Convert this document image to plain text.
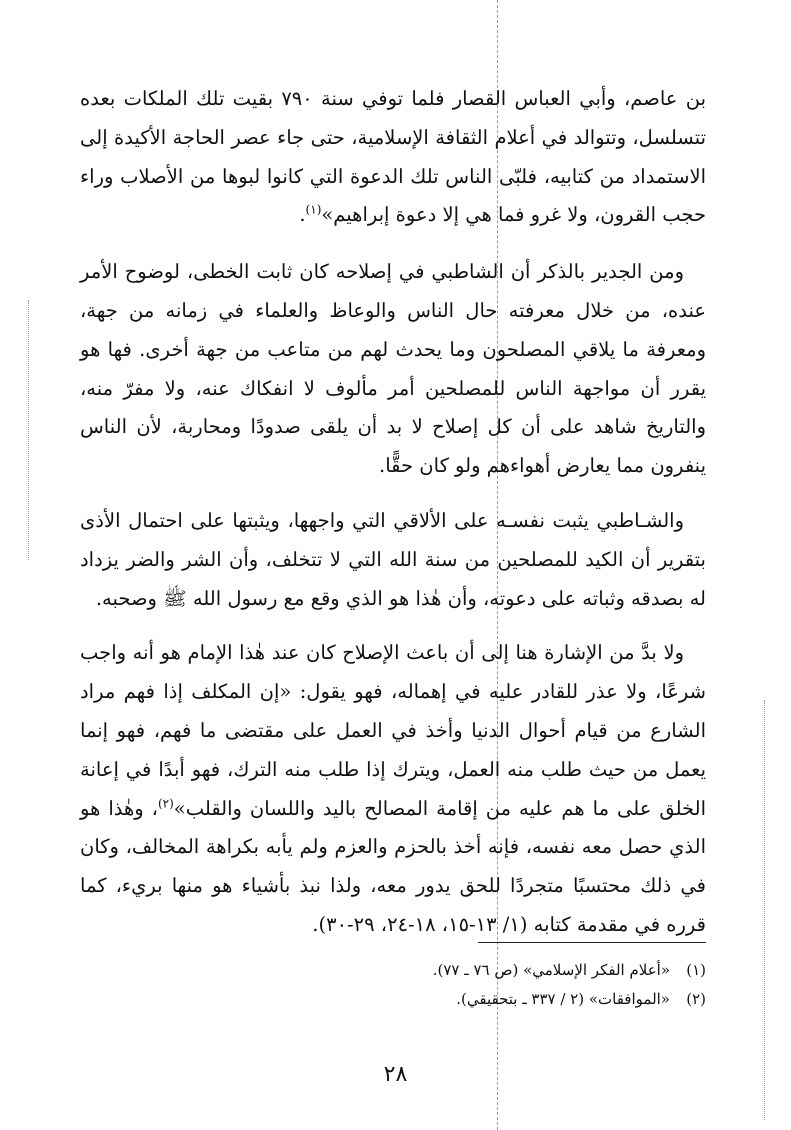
بن عاصم، وأبي العباس القصار فلما توفي سنة ٧٩٠ بقيت تلك الملكات بعده تتسلسل، وتتوالد في أعلام الثقافة الإسلامية، حتى جاء عصر الحاجة الأكيدة إلى الاستمداد من كتابيه، فلبّى الناس تلك الدعوة التي كانوا لبوها من الأصلاب وراء حجب القرون، ولا غرو فما هي إلا دعوة إبراهيم»$^{(١)}$.

ومن الجدير بالذكر أن الشاطبي في إصلاحه كان ثابت الخطى، لوضوح الأمر عنده، من خلال معرفته حال الناس والوعاظ والعلماء في زمانه من جهة، ومعرفة ما يلاقي المصلحون وما يحدث لهم من متاعب من جهة أخرى. فها هو يقرر أن مواجهة الناس للمصلحين أمر مألوف لا انفكاك عنه، ولا مفرّ منه، والتاريخ شاهد على أن كل إصلاح لا بد أن يلقى صدودًا ومحاربة، لأن الناس ينفرون مما يعارض أهواءهم ولو كان حقًّا.

والشـاطبي يثبت نفسـه على الألاقي التي واجهها، ويثبتها على احتمال الأذى بتقرير أن الكيد للمصلحين من سنة الله التي لا تتخلف، وأن الشر والضر يزداد له بصدقه وثباته على دعوته، وأن هٰذا هو الذي وقع مع رسول الله ﷺ وصحبه.

ولا بدَّ من الإشارة هنا إلى أن باعث الإصلاح كان عند هٰذا الإمام هو أنه واجب شرعًا، ولا عذر للقادر عليه في إهماله، فهو يقول: «إن المكلف إذا فهم مراد الشارع من قيام أحوال الدنيا وأخذ في العمل على مقتضى ما فهم، فهو إنما يعمل من حيث طلب منه العمل، ويترك إذا طلب منه الترك، فهو أبدًا في إعانة الخلق على ما هم عليه من إقامة المصالح باليد واللسان والقلب»$^{(٢)}$، وهٰذا هو الذي حصل معه نفسه، فإنه أخذ بالحزم والعزم ولم يأبه بكراهة المخالف، وكان في ذلك محتسبًا متجردًا للحق يدور معه، ولذا نبذ بأشياء هو منها بريء، كما قرره في مقدمة كتابه (١/ ١٣-١٥، ١٨-٢٤، ٢٩-٣٠).

(١)«أعلام الفكر الإسلامي» (ص ٧٦ ـ ٧٧).
(٢)«الموافقات» (٢ / ٣٣٧ ـ بتحقيقي).
٢٨
